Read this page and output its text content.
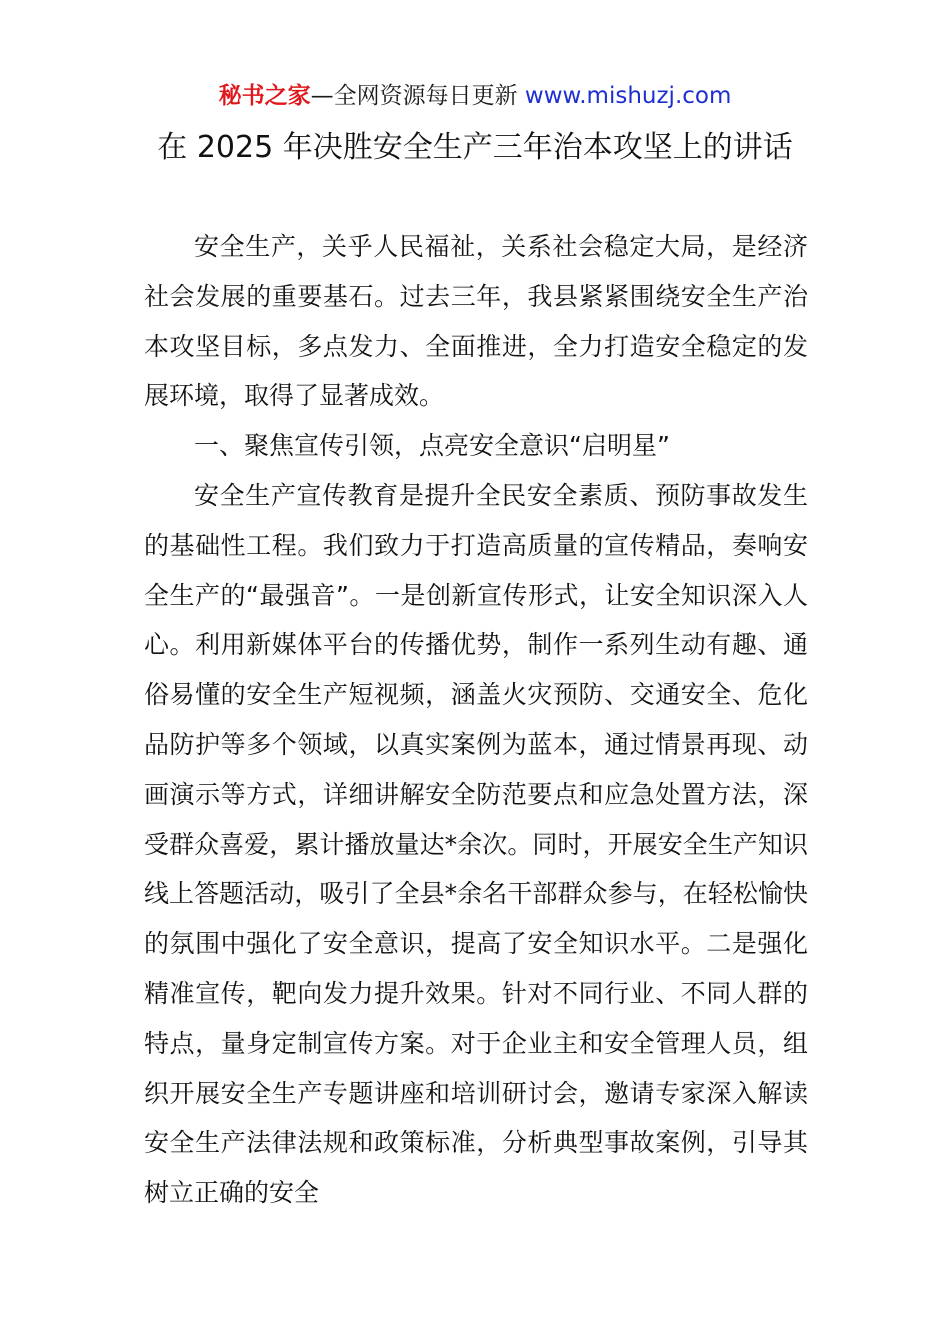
秘书之家—全网资源每日更新 www.mishuzj.com
在 2025 年决胜安全生产三年治本攻坚上的讲话

安全生产，关乎人民福祉，关系社会稳定大局，是经济社会发展的重要基石。过去三年，我县紧紧围绕安全生产治本攻坚目标，多点发力、全面推进，全力打造安全稳定的发展环境，取得了显著成效。

一、聚焦宣传引领，点亮安全意识“启明星”

安全生产宣传教育是提升全民安全素质、预防事故发生的基础性工程。我们致力于打造高质量的宣传精品，奏响安全生产的“最强音”。一是创新宣传形式，让安全知识深入人心。利用新媒体平台的传播优势，制作一系列生动有趣、通俗易懂的安全生产短视频，涵盖火灾预防、交通安全、危化品防护等多个领域，以真实案例为蓝本，通过情景再现、动画演示等方式，详细讲解安全防范要点和应急处置方法，深受群众喜爱，累计播放量达*余次。同时，开展安全生产知识线上答题活动，吸引了全县*余名干部群众参与，在轻松愉快的氛围中强化了安全意识，提高了安全知识水平。二是强化精准宣传，靶向发力提升效果。针对不同行业、不同人群的特点，量身定制宣传方案。对于企业主和安全管理人员，组织开展安全生产专题讲座和培训研讨会，邀请专家深入解读安全生产法律法规和政策标准，分析典型事故案例，引导其树立正确的安全
